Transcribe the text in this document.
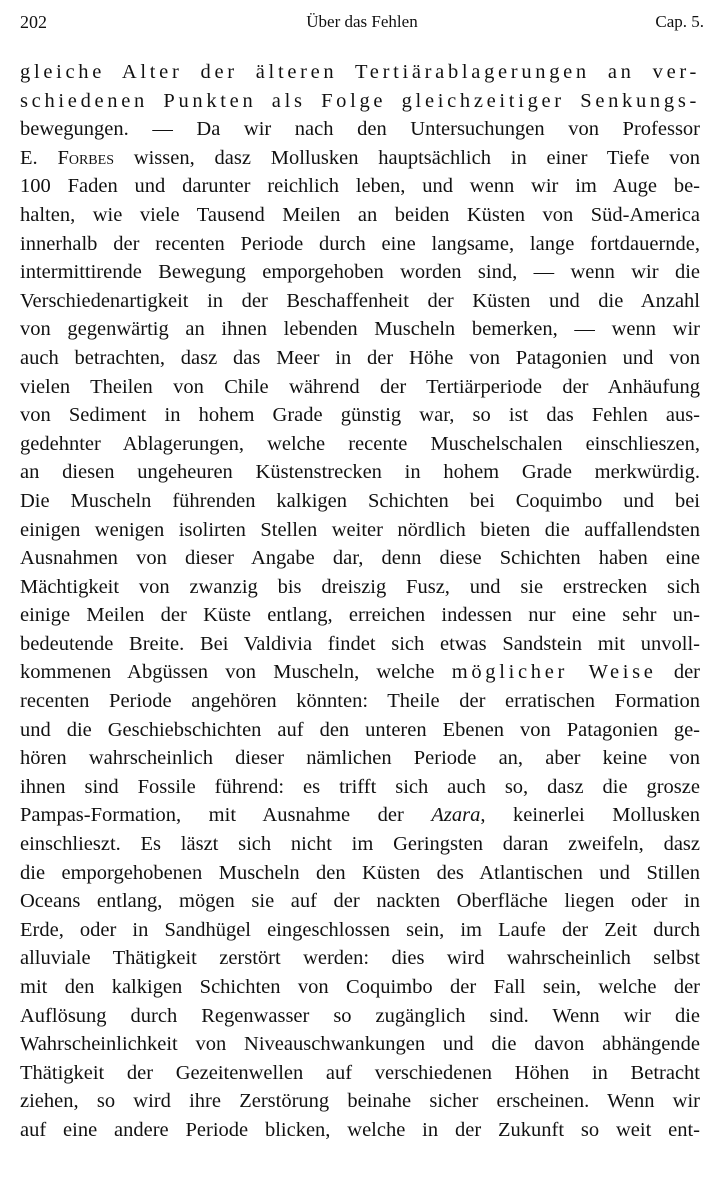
202	Über das Fehlen	Cap. 5.
gleiche Alter der älteren Tertiärablagerungen an ver-
schiedenen Punkten als Folge gleichzeitiger Senkungs-
bewegungen. — Da wir nach den Untersuchungen von Professor
E. Forbes wissen, dasz Mollusken hauptsächlich in einer Tiefe von
100 Faden und darunter reichlich leben, und wenn wir im Auge be-
halten, wie viele Tausend Meilen an beiden Küsten von Süd-America
innerhalb der recenten Periode durch eine langsame, lange fortdauernde,
intermittirende Bewegung emporgehoben worden sind, — wenn wir die
Verschiedenartigkeit in der Beschaffenheit der Küsten und die Anzahl
von gegenwärtig an ihnen lebenden Muscheln bemerken, — wenn wir
auch betrachten, dasz das Meer in der Höhe von Patagonien und von
vielen Theilen von Chile während der Tertiärperiode der Anhäufung
von Sediment in hohem Grade günstig war, so ist das Fehlen aus-
gedehnter Ablagerungen, welche recente Muschelschalen einschlieszen,
an diesen ungeheuren Küstenstrecken in hohem Grade merkwürdig.
Die Muscheln führenden kalkigen Schichten bei Coquimbo und bei
einigen wenigen isolirten Stellen weiter nördlich bieten die auffallendsten
Ausnahmen von dieser Angabe dar, denn diese Schichten haben eine
Mächtigkeit von zwanzig bis dreiszig Fusz, und sie erstrecken sich
einige Meilen der Küste entlang, erreichen indessen nur eine sehr un-
bedeutende Breite. Bei Valdivia findet sich etwas Sandstein mit unvoll-
kommenen Abgüssen von Muscheln, welche möglicher Weise der
recenten Periode angehören könnten: Theile der erratischen Formation
und die Geschiebschichten auf den unteren Ebenen von Patagonien ge-
hören wahrscheinlich dieser nämlichen Periode an, aber keine von
ihnen sind Fossile führend: es trifft sich auch so, dasz die grosze
Pampas-Formation, mit Ausnahme der Azara, keinerlei Mollusken
einschlieszt. Es läszt sich nicht im Geringsten daran zweifeln, dasz
die emporgehobenen Muscheln den Küsten des Atlantischen und Stillen
Oceans entlang, mögen sie auf der nackten Oberfläche liegen oder in
Erde, oder in Sandhügel eingeschlossen sein, im Laufe der Zeit durch
alluviale Thätigkeit zerstört werden: dies wird wahrscheinlich selbst
mit den kalkigen Schichten von Coquimbo der Fall sein, welche der
Auflösung durch Regenwasser so zugänglich sind. Wenn wir die
Wahrscheinlichkeit von Niveauschwankungen und die davon abhängende
Thätigkeit der Gezeitenwellen auf verschiedenen Höhen in Betracht
ziehen, so wird ihre Zerstörung beinahe sicher erscheinen. Wenn wir
auf eine andere Periode blicken, welche in der Zukunft so weit ent-
